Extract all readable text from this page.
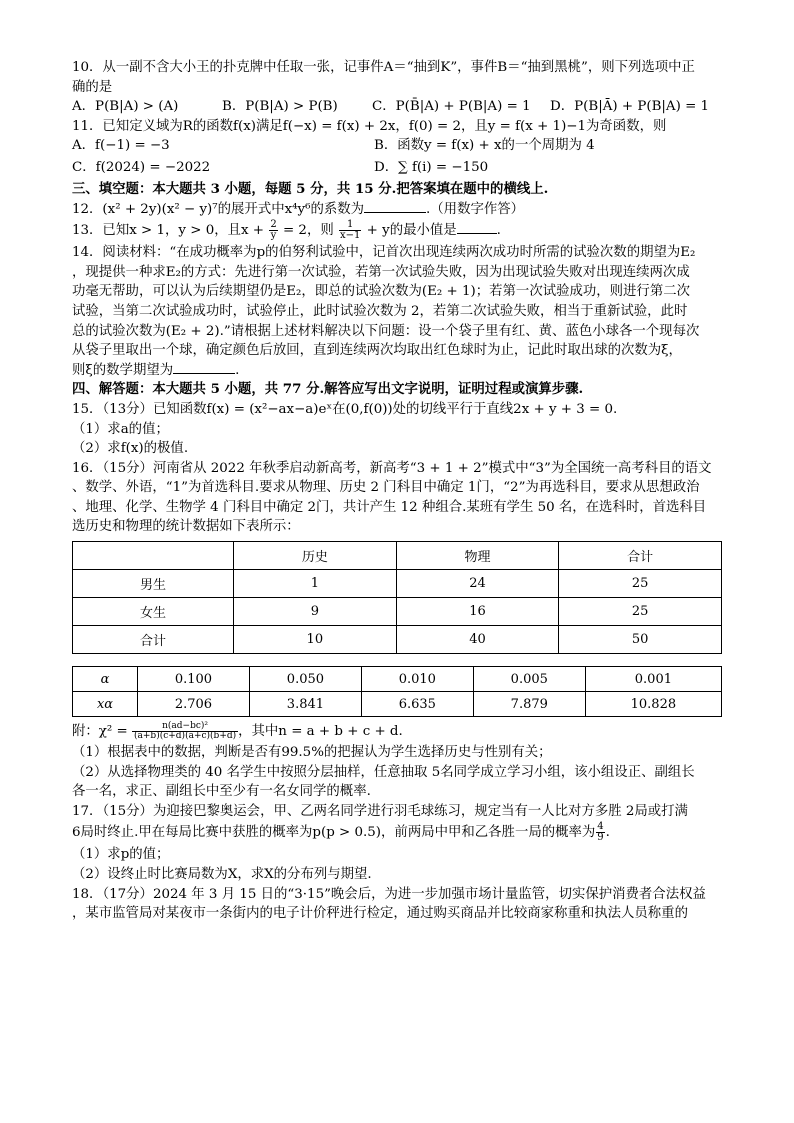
10．从一副不含大小王的扑克牌中任取一张，记事件A＝“抽到K”，事件B＝“抽到黑桃”，则下列选项中正
确的是
A．P(B|A) > (A)	B．P(B|A) > P(B)	C．P(B̄|A) + P(B|A) = 1 D．P(B|Ā) + P(B|A) = 1
11．已知定义域为R的函数f(x)满足f(−x) = f(x) + 2x，f(0) = 2，且y = f(x + 1)−1为奇函数，则
A．f(−1) = −3	B．函数y = f(x) + x的一个周期为 4
C．f(2024) = −2022	D．∑ f(i) = −150
三、填空题：本大题共 3 小题，每题 5 分，共 15 分.把答案填在题中的横线上.
12．(x² + 2y)(x² − y)⁷的展开式中x⁴y⁶的系数为	.（用数字作答）
13．已知x > 1，y > 0，且$x + \frac{2}{y} = 2$，则 $\frac{1}{x-1} + y$的最小值是	.
14．阅读材料：“在成功概率为p的伯努利试验中，记首次出现连续两次成功时所需的试验次数的期望为E₂
，现提供一种求E₂的方式：先进行第一次试验，若第一次试验失败，因为出现试验失败对出现连续两次成
功毫无帮助，可以认为后续期望仍是E₂，即总的试验次数为(E₂ + 1)；若第一次试验成功，则进行第二次
试验，当第二次试验成功时，试验停止，此时试验次数为 2，若第二次试验失败，相当于重新试验，此时
总的试验次数为(E₂ + 2).”请根据上述材料解决以下问题：设一个袋子里有红、黄、蓝色小球各一个现每次
从袋子里取出一个球，确定颜色后放回，直到连续两次均取出红色球时为止，记此时取出球的次数为ξ，
则ξ的数学期望为	.
四、解答题：本大题共 5 小题，共 77 分.解答应写出文字说明，证明过程或演算步骤.
15．（13分）已知函数f(x) = (x²−ax−a)eˣ在(0,f(0))处的切线平行于直线2x + y + 3 = 0.
（1）求a的值；
（2）求f(x)的极值.
16．（15分）河南省从 2022 年秋季启动新高考，新高考“3 + 1 + 2”模式中“3”为全国统一高考科目的语文
、数学、外语，“1”为首选科目.要求从物理、历史 2 门科目中确定 1门，“2”为再选科目，要求从思想政治
、地理、化学、生物学 4 门科目中确定 2门，共计产生 12 种组合.某班有学生 50 名，在选科时，首选科目
选历史和物理的统计数据如下表所示：
	历史	物理	合计
男生	1	24	25
女生	9	16	25
合计	10	40	50
α	0.100	0.050	0.010	0.005	0.001
xα	2.706	3.841	6.635	7.879	10.828
附：$\chi^2 = \frac{\text{n(ad−bc)²}}{(a+b)(c+d)(a+c)(b+d)}$ ，其中n = a + b + c + d.
（1）根据表中的数据，判断是否有99.5%的把握认为学生选择历史与性别有关；
（2）从选择物理类的 40 名学生中按照分层抽样，任意抽取 5名同学成立学习小组，该小组设正、副组长
各一名，求正、副组长中至少有一名女同学的概率.
17．（15分）为迎接巴黎奥运会，甲、乙两名同学进行羽毛球练习，规定当有一人比对方多胜 2局或打满
6局时终止.甲在每局比赛中获胜的概率为p(p > 0.5)，前两局中甲和乙各胜一局的概率为 $\frac{4}{9}$ .
（1）求p的值；
（2）设终止时比赛局数为X，求X的分布列与期望.
18．（17分）2024 年 3 月 15 日的“3·15”晚会后，为进一步加强市场计量监管，切实保护消费者合法权益
，某市监管局对某夜市一条街内的电子计价秤进行检定，通过购买商品并比较商家称重和执法人员称重的
